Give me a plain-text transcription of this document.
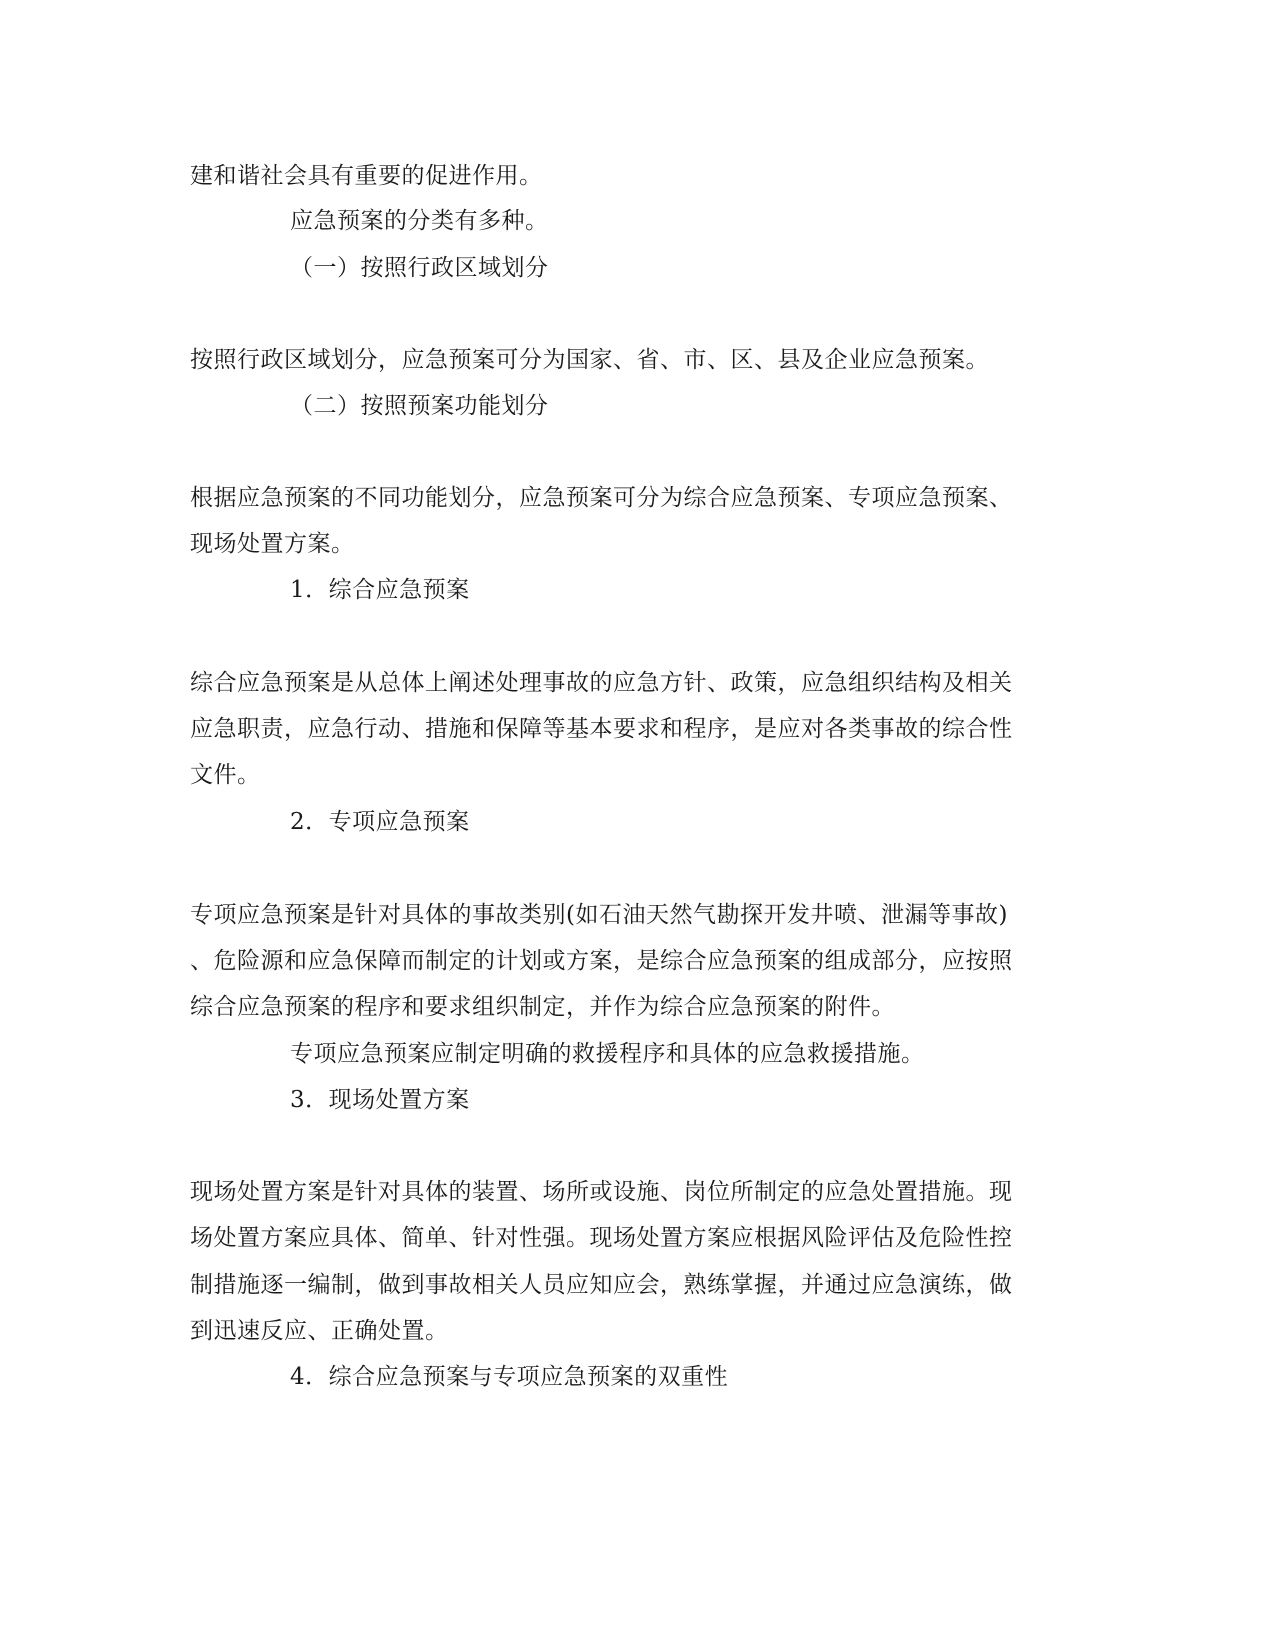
建和谐社会具有重要的促进作用。
应急预案的分类有多种。
（一）按照行政区域划分
按照行政区域划分，应急预案可分为国家、省、市、区、县及企业应急预案。
（二）按照预案功能划分
根据应急预案的不同功能划分，应急预案可分为综合应急预案、专项应急预案、
现场处置方案。
1．综合应急预案
综合应急预案是从总体上阐述处理事故的应急方针、政策，应急组织结构及相关
应急职责，应急行动、措施和保障等基本要求和程序，是应对各类事故的综合性
文件。
2．专项应急预案
专项应急预案是针对具体的事故类别(如石油天然气勘探开发井喷、泄漏等事故)
、危险源和应急保障而制定的计划或方案，是综合应急预案的组成部分，应按照
综合应急预案的程序和要求组织制定，并作为综合应急预案的附件。
专项应急预案应制定明确的救援程序和具体的应急救援措施。
3．现场处置方案
现场处置方案是针对具体的装置、场所或设施、岗位所制定的应急处置措施。现
场处置方案应具体、简单、针对性强。现场处置方案应根据风险评估及危险性控
制措施逐一编制，做到事故相关人员应知应会，熟练掌握，并通过应急演练，做
到迅速反应、正确处置。
4．综合应急预案与专项应急预案的双重性
